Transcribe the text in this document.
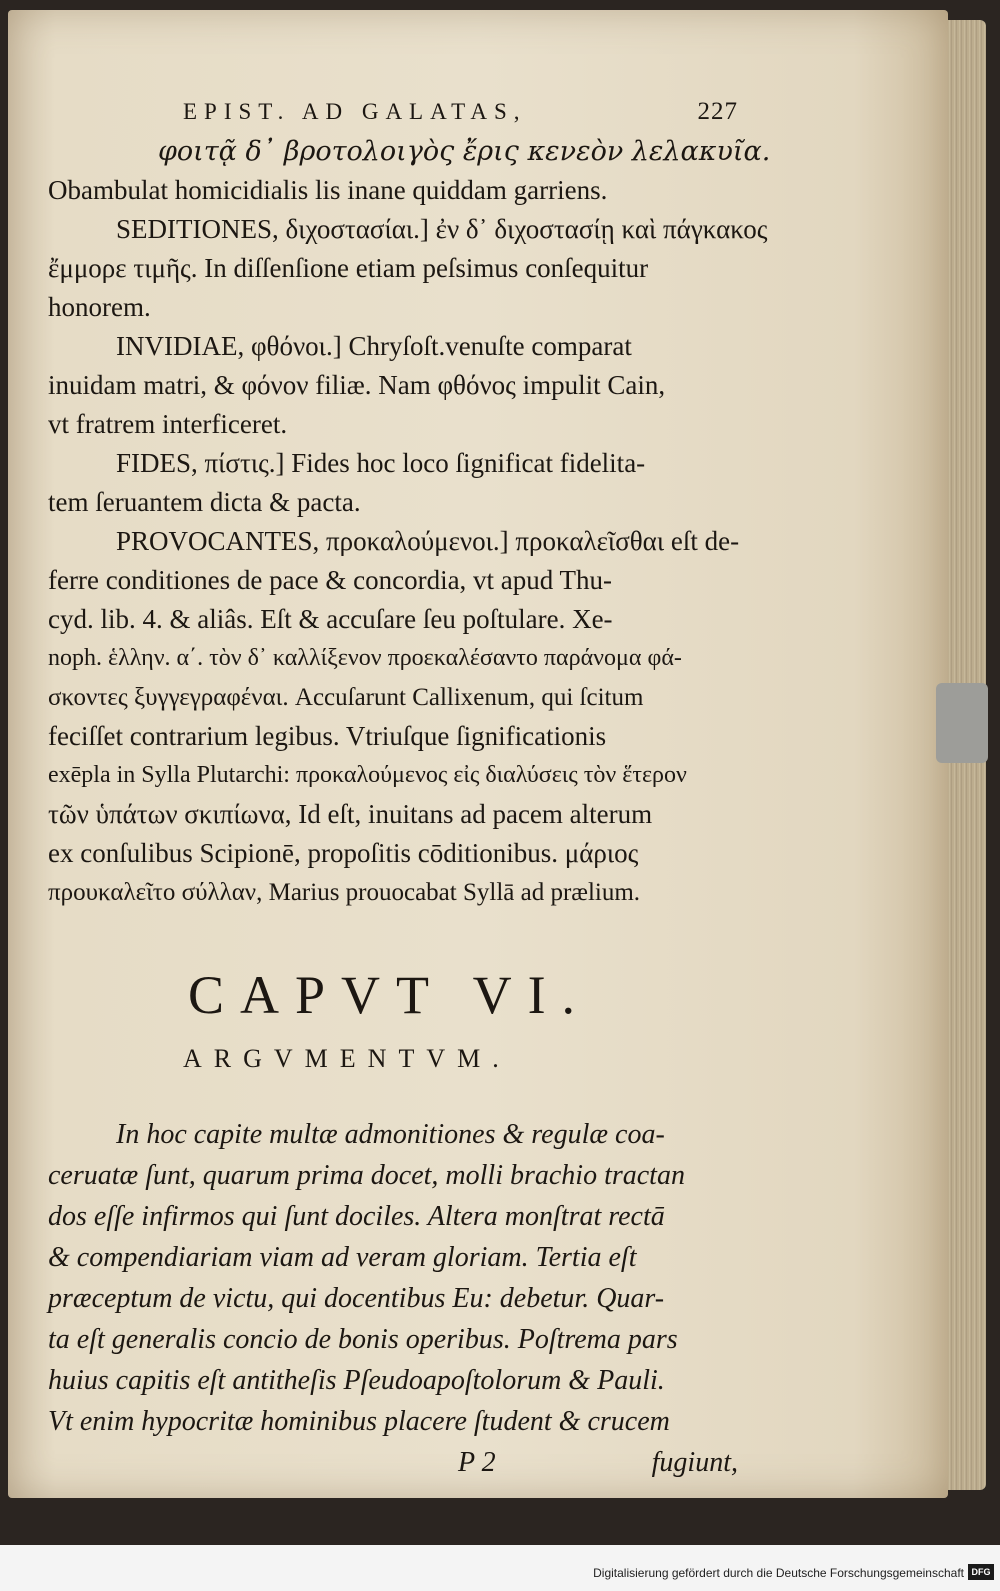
EPIST. AD GALATAS,	227
φοιτᾷ δ᾽ βροτολοιγὸς ἔρις κενεὸν λελακυῖα.
Obambulat homicidialis lis inane quiddam garriens.
SEDITIONES, διχοστασίαι.] ἐν δ᾽ διχοστασίῃ καὶ πάγκακος
ἔμμορε τιμῆς. In diſſenſione etiam peſsimus conſequitur
honorem.
INVIDIAE, φθόνοι.] Chryſoſt.venuſte comparat
inuidam matri, & φόνον filiæ. Nam φθόνος impulit Cain,
vt fratrem interficeret.
FIDES, πίστις.] Fides hoc loco ſignificat fidelita-
tem ſeruantem dicta & pacta.
PROVOCANTES, προκαλούμενοι.] προκαλεῖσθαι eſt de-
ferre conditiones de pace & concordia, vt apud Thu-
cyd. lib. 4. & aliâs. Eſt & accuſare ſeu poſtulare. Xe-
noph. ἑλλην. α΄. τὸν δ᾽ καλλίξενον προεκαλέσαντο παράνομα φά-
σκοντες ξυγγεγραφέναι. Accuſarunt Callixenum, qui ſcitum
feciſſet contrarium legibus. Vtriuſque ſignificationis
exēpla in Sylla Plutarchi: προκαλούμενος εἰς διαλύσεις τὸν ἕτερον
τῶν ὑπάτων σκιπίωνα, Id eſt, inuitans ad pacem alterum
ex conſulibus Scipionē, propoſitis cōditionibus. μάριος
προυκαλεῖτο σύλλαν, Marius prouocabat Syllā ad prælium.
CAPVT VI.
ARGVMENTVM.
In hoc capite multæ admonitiones & regulæ coa-
ceruatæ ſunt, quarum prima docet, molli brachio tractan
dos eſſe infirmos qui ſunt dociles. Altera monſtrat rectā
& compendiariam viam ad veram gloriam. Tertia eſt
præceptum de victu, qui docentibus Eu: debetur. Quar-
ta eſt generalis concio de bonis operibus. Poſtrema pars
huius capitis eſt antitheſis Pſeudoapoſtolorum & Pauli.
Vt enim hypocritæ hominibus placere ſtudent & crucem
P 2	fugiunt,
Digitalisierung gefördert durch die Deutsche Forschungsgemeinschaft DFG
